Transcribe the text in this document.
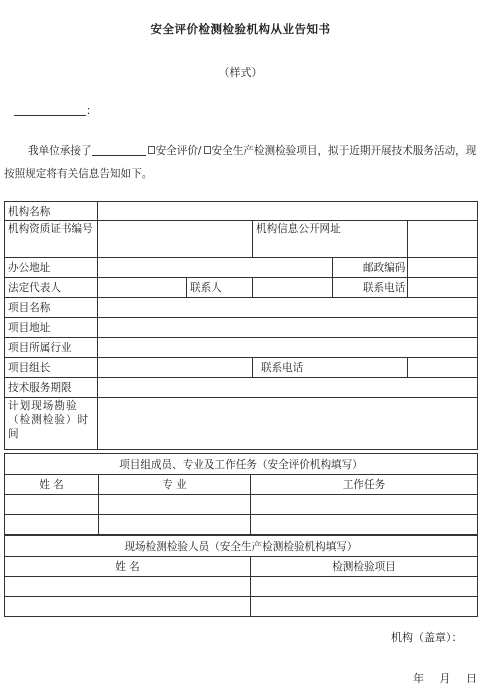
安全评价检测检验机构从业告知书
（样式）
：
我单位承接了	安全评价/ 安全生产检测检验项目，拟于近期开展技术服务活动，现按照规定将有关信息告知如下。
机构名称					
机构资质证书编号			机构信息公开网址		
办公地址				邮政编码	
法定代表人		联系人		联系电话	
项目名称					
项目地址					
项目所属行业					
项目组长			联系电话		
技术服务期限					
计划现场勘验（检测检验）时间					

项目组成员、专业及工作任务（安全评价机构填写）		
姓 名	专 业	工作任务

现场检测检验人员（安全生产检测检验机构填写）	
姓 名	检测检验项目

机构（盖章）：
年 月 日
